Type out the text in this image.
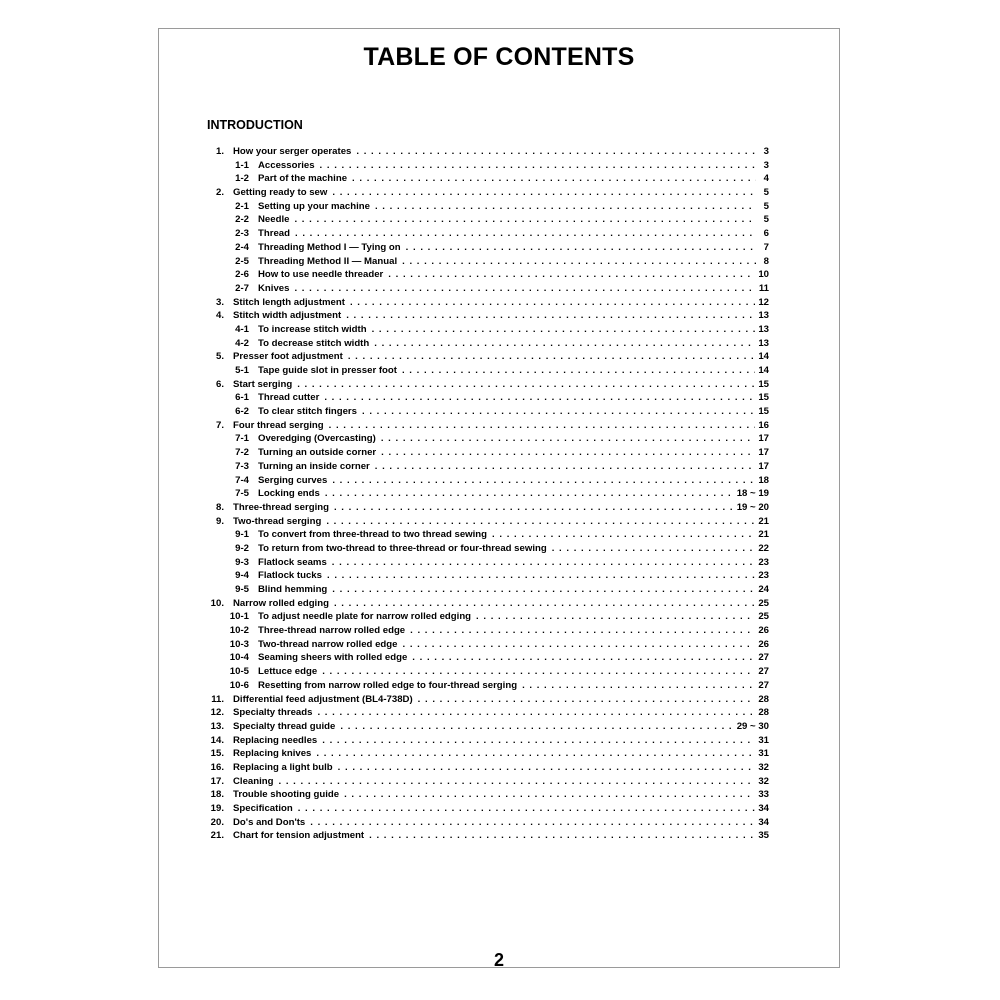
TABLE OF CONTENTS
INTRODUCTION
1. How your serger operates . . .	3
1-1 Accessories . . .	3
1-2 Part of the machine . . .	4
2. Getting ready to sew . . .	5
2-1 Setting up your machine . . .	5
2-2 Needle . . .	5
2-3 Thread . . .	6
2-4 Threading Method I — Tying on . . .	7
2-5 Threading Method II — Manual . . .	8
2-6 How to use needle threader . . .	10
2-7 Knives . . .	11
3. Stitch length adjustment . . .	12
4. Stitch width adjustment . . .	13
4-1 To increase stitch width . . .	13
4-2 To decrease stitch width . . .	13
5. Presser foot adjustment . . .	14
5-1 Tape guide slot in presser foot . . .	14
6. Start serging . . .	15
6-1 Thread cutter . . .	15
6-2 To clear stitch fingers . . .	15
7. Four thread serging . . .	16
7-1 Overedging (Overcasting) . . .	17
7-2 Turning an outside corner . . .	17
7-3 Turning an inside corner . . .	17
7-4 Serging curves . . .	18
7-5 Locking ends . . .	18 ~ 19
8. Three-thread serging . . .	19 ~ 20
9. Two-thread serging . . .	21
9-1 To convert from three-thread to two thread sewing . . .	21
9-2 To return from two-thread to three-thread or four-thread sewing . . .	22
9-3 Flatlock seams . . .	23
9-4 Flatlock tucks . . .	23
9-5 Blind hemming . . .	24
10. Narrow rolled edging . . .	25
10-1 To adjust needle plate for narrow rolled edging . . .	25
10-2 Three-thread narrow rolled edge . . .	26
10-3 Two-thread narrow rolled edge . . .	26
10-4 Seaming sheers with rolled edge . . .	27
10-5 Lettuce edge . . .	27
10-6 Resetting from narrow rolled edge to four-thread serging . . .	27
11. Differential feed adjustment (BL4-738D) . . .	28
12. Specialty threads . . .	28
13. Specialty thread guide . . .	29 ~ 30
14. Replacing needles . . .	31
15. Replacing knives . . .	31
16. Replacing a light bulb . . .	32
17. Cleaning . . .	32
18. Trouble shooting guide . . .	33
19. Specification . . .	34
20. Do's and Don'ts . . .	34
21. Chart for tension adjustment . . .	35
2
